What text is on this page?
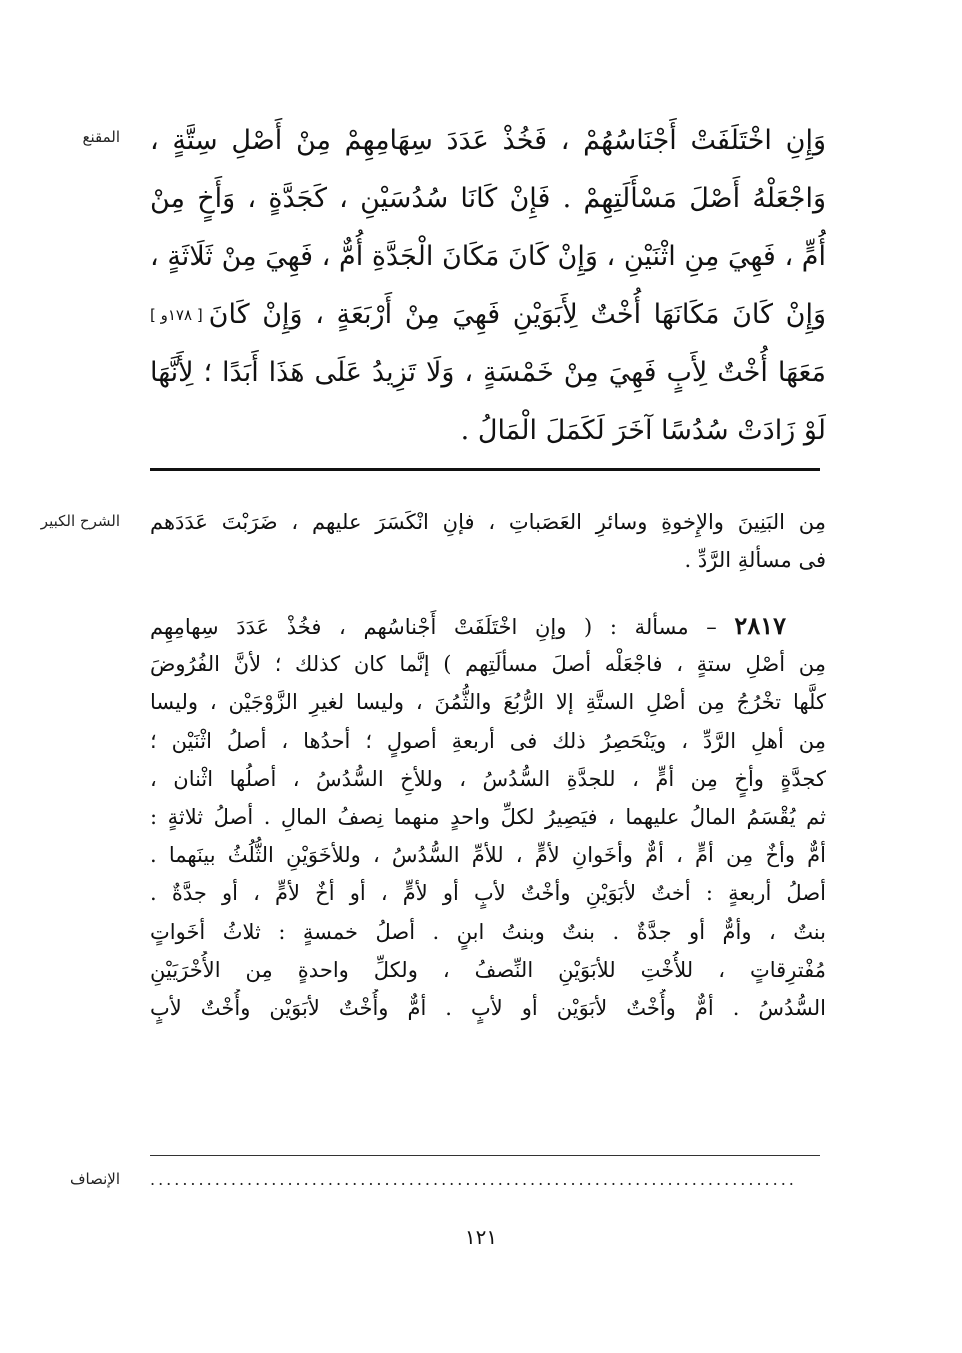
المقنع وَإِنِ اخْتَلَفَتْ أَجْنَاسُهُمْ ، فَخُذْ عَدَدَ سِهَامِهِمْ مِنْ أَصْلِ سِتَّةٍ ،
وَاجْعَلْهُ أَصْلَ مَسْأَلَتِهِمْ . فَإِنْ كَانَا سُدُسَيْنِ ، كَجَدَّةٍ ، وَأَخٍ مِنْ
أُمٍّ ، فَهِيَ مِنِ اثْنَيْنِ ، وَإِنْ كَانَ مَكَانَ الْجَدَّةِ أُمٌّ ، فَهِيَ مِنْ ثَلَاثَةٍ ،
وَإِنْ كَانَ مَكَانَهَا أُخْتٌ لِأَبَوَيْنِ فَهِيَ مِنْ أَرْبَعَةٍ ، وَإِنْ كَانَ
[ ١٧٨و ]
مَعَهَا أُخْتٌ لِأَبٍ فَهِيَ مِنْ خَمْسَةٍ ، وَلَا تَزِيدُ عَلَى هَذَا أَبَدًا ؛ لِأَنَّهَا
لَوْ زَادَتْ سُدُسًا آخَرَ لَكَمَلَ الْمَالُ .
الشرح الكبير مِن البَنِينَ والإِخوةِ وسائرِ العَصَباتِ ، فإنِ انْكَسَرَ عليهم ، ضَرَبْتَ عَدَدَهم
فى مسألةِ الرَّدِّ .
٢٨١٧ – مسألة : ( وإنِ اخْتَلَفَتْ أَجْناسُهم ، فخُذْ عَدَدَ سِهامِهِم
مِن أصْلِ ستةٍ ، فاجْعَلْه أصلَ مسألَتِهم ) إنَّما كان كذلك ؛ لأنَّ الفُرُوضَ
كلَّها تخْرُجُ مِن أصْلِ الستَّةِ إلا الرُّبُعَ والثُّمُنَ ، وليسا لغيرِ الزَّوْجَيْن ، وليسا
مِن أهلِ الرَّدِّ ، ويَنْحَصِرُ ذلك فى أربعةِ أصولٍ ؛ أحدُها ، أصلُ اثْنَيْن ؛
كجدَّةٍ وأخٍ مِن أمٍّ ، للجدَّةِ السُّدُسُ ، وللأخِ السُّدُسُ ، أصلُها اثْنان ،
ثم يُقْسَمُ المالُ عليهما ، فيَصِيرُ لكلِّ واحدٍ منهما نِصفُ المالِ . أصلُ ثلاثةٍ :
أمٌّ وأخٌ مِن أمٍّ ، أمٌّ وأخَوانِ لأمٍّ ، للأمِّ السُّدُسُ ، وللأخَوَيْنِ الثُّلُثُ بينَهما .
أصلُ أربعةٍ : أختٌ لأبَوَيْنِ وأخْتٌ لأبٍ أو لأمٍّ ، أو أخٌ لأمٍّ ، أو جدَّةٌ .
بنتٌ ، وأمٌّ أو جدَّةٌ . بنتٌ وبنتُ ابنٍ . أصلُ خمسةٍ : ثلاثُ أخَواتٍ
مُفْترِقاتٍ ، للأُخْتِ للأبَوَيْنِ النِّصفُ ، ولكلِّ واحدةٍ مِن الأُخْرَيَيْنِ
السُّدُسُ . أمٌّ وأُخْتٌ لأبَوَيْن أو لأبٍ . أمٌّ وأُخْتٌ لأبَوَيْن وأُخْتٌ لأبٍ
الإنصاف ................................................................................
١٢١
